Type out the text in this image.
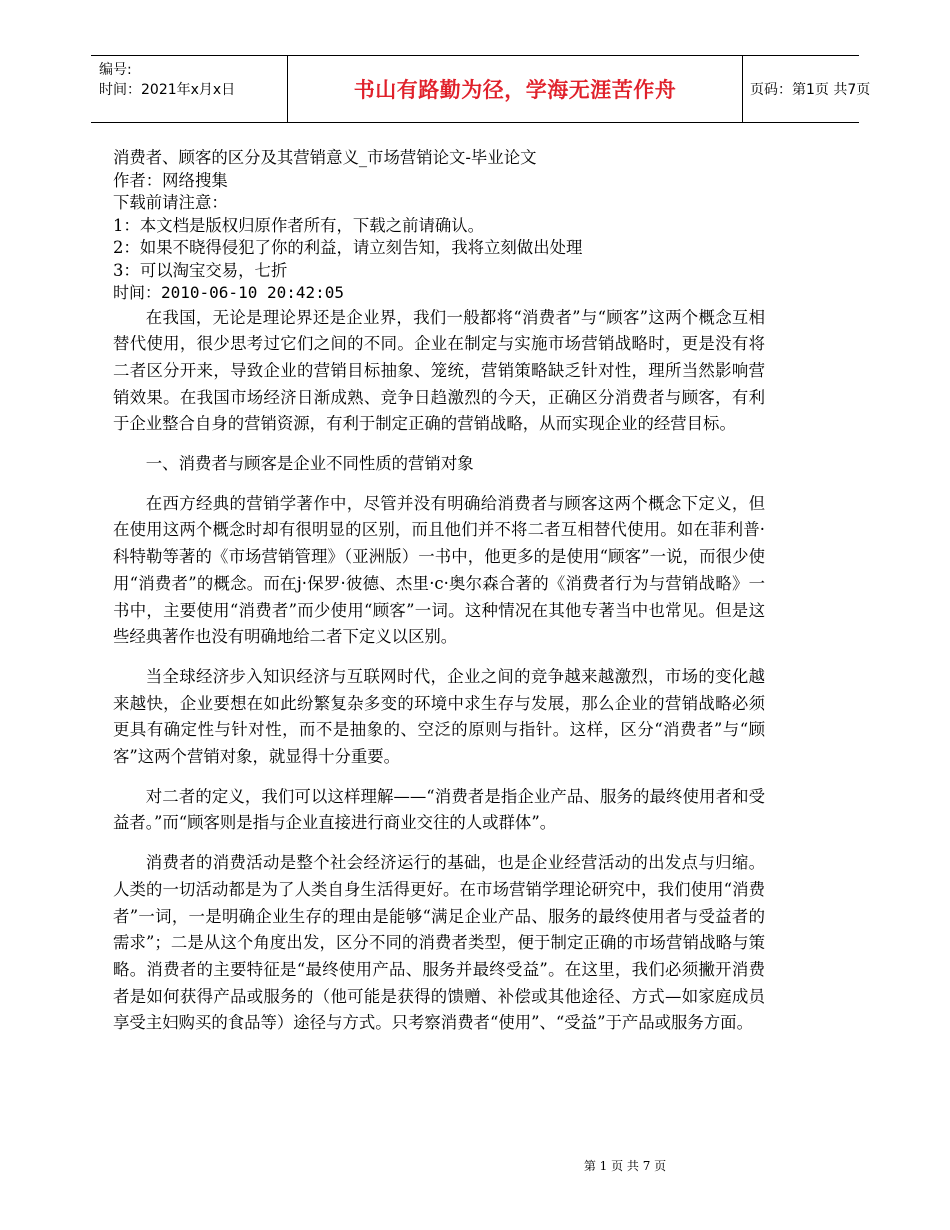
编号:
时间：2021年x月x日	书山有路勤为径，学海无涯苦作舟	页码：第1页 共7页
消费者、顾客的区分及其营销意义_市场营销论文-毕业论文
作者：网络搜集
下载前请注意：
1：本文档是版权归原作者所有，下载之前请确认。
2：如果不晓得侵犯了你的利益，请立刻告知，我将立刻做出处理
3：可以淘宝交易，七折
时间：2010-06-10 20:42:05

在我国，无论是理论界还是企业界，我们一般都将“消费者”与“顾客”这两个概念互相替代使用，很少思考过它们之间的不同。企业在制定与实施市场营销战略时，更是没有将二者区分开来，导致企业的营销目标抽象、笼统，营销策略缺乏针对性，理所当然影响营销效果。在我国市场经济日渐成熟、竞争日趋激烈的今天，正确区分消费者与顾客，有利于企业整合自身的营销资源，有利于制定正确的营销战略，从而实现企业的经营目标。

一、消费者与顾客是企业不同性质的营销对象

在西方经典的营销学著作中，尽管并没有明确给消费者与顾客这两个概念下定义，但在使用这两个概念时却有很明显的区别，而且他们并不将二者互相替代使用。如在菲利普·科特勒等著的《市场营销管理》（亚洲版）一书中，他更多的是使用“顾客”一说，而很少使用“消费者”的概念。而在j·保罗·彼德、杰里·c·奥尔森合著的《消费者行为与营销战略》一书中，主要使用“消费者”而少使用“顾客”一词。这种情况在其他专著当中也常见。但是这些经典著作也没有明确地给二者下定义以区别。

当全球经济步入知识经济与互联网时代，企业之间的竞争越来越激烈，市场的变化越来越快，企业要想在如此纷繁复杂多变的环境中求生存与发展，那么企业的营销战略必须更具有确定性与针对性，而不是抽象的、空泛的原则与指针。这样，区分“消费者”与“顾客”这两个营销对象，就显得十分重要。

对二者的定义，我们可以这样理解——“消费者是指企业产品、服务的最终使用者和受益者。”而“顾客则是指与企业直接进行商业交往的人或群体”。

消费者的消费活动是整个社会经济运行的基础，也是企业经营活动的出发点与归缩。人类的一切活动都是为了人类自身生活得更好。在市场营销学理论研究中，我们使用“消费者”一词，一是明确企业生存的理由是能够“满足企业产品、服务的最终使用者与受益者的需求”；二是从这个角度出发，区分不同的消费者类型，便于制定正确的市场营销战略与策略。消费者的主要特征是“最终使用产品、服务并最终受益”。在这里，我们必须撇开消费者是如何获得产品或服务的（他可能是获得的馈赠、补偿或其他途径、方式—如家庭成员享受主妇购买的食品等）途径与方式。只考察消费者“使用”、“受益”于产品或服务方面。

第 1 页 共 7 页
